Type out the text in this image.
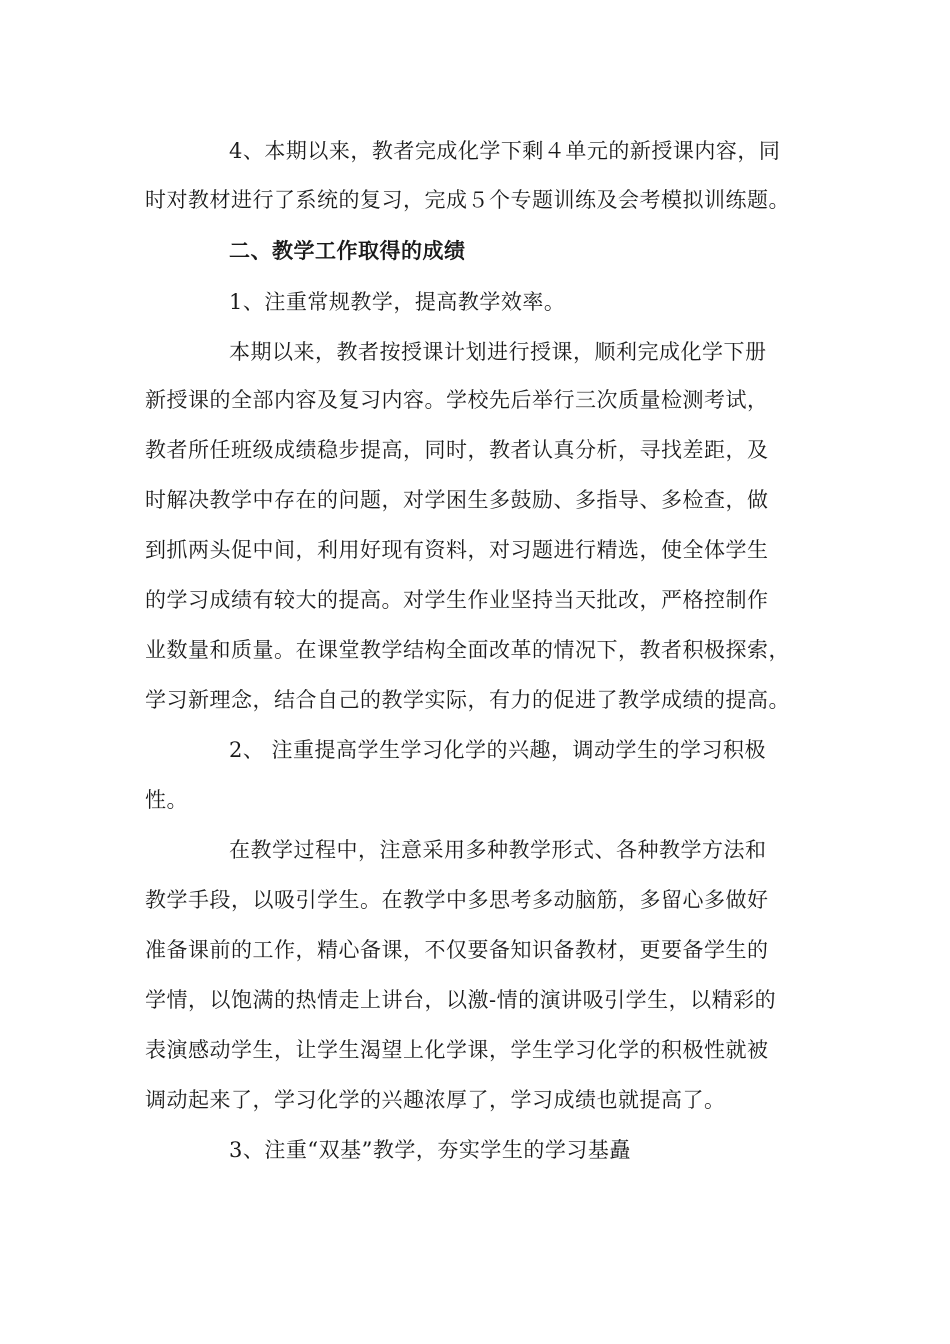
4、本期以来，教者完成化学下剩４单元的新授课内容，同
时对教材进行了系统的复习，完成５个专题训练及会考模拟训练题。
二、教学工作取得的成绩
1、注重常规教学，提高教学效率。
本期以来，教者按授课计划进行授课，顺利完成化学下册
新授课的全部内容及复习内容。学校先后举行三次质量检测考试，
教者所任班级成绩稳步提高，同时，教者认真分析，寻找差距，及
时解决教学中存在的问题，对学困生多鼓励、多指导、多检查，做
到抓两头促中间，利用好现有资料，对习题进行精选，使全体学生
的学习成绩有较大的提高。对学生作业坚持当天批改，严格控制作
业数量和质量。在课堂教学结构全面改革的情况下，教者积极探索，
学习新理念，结合自己的教学实际，有力的促进了教学成绩的提高。
2、 注重提高学生学习化学的兴趣，调动学生的学习积极
性。
在教学过程中，注意采用多种教学形式、各种教学方法和
教学手段，以吸引学生。在教学中多思考多动脑筋，多留心多做好
准备课前的工作，精心备课，不仅要备知识备教材，更要备学生的
学情，以饱满的热情走上讲台，以激-情的演讲吸引学生，以精彩的
表演感动学生，让学生渴望上化学课，学生学习化学的积极性就被
调动起来了，学习化学的兴趣浓厚了，学习成绩也就提高了。
3、注重“双基”教学，夯实学生的学习基矗
